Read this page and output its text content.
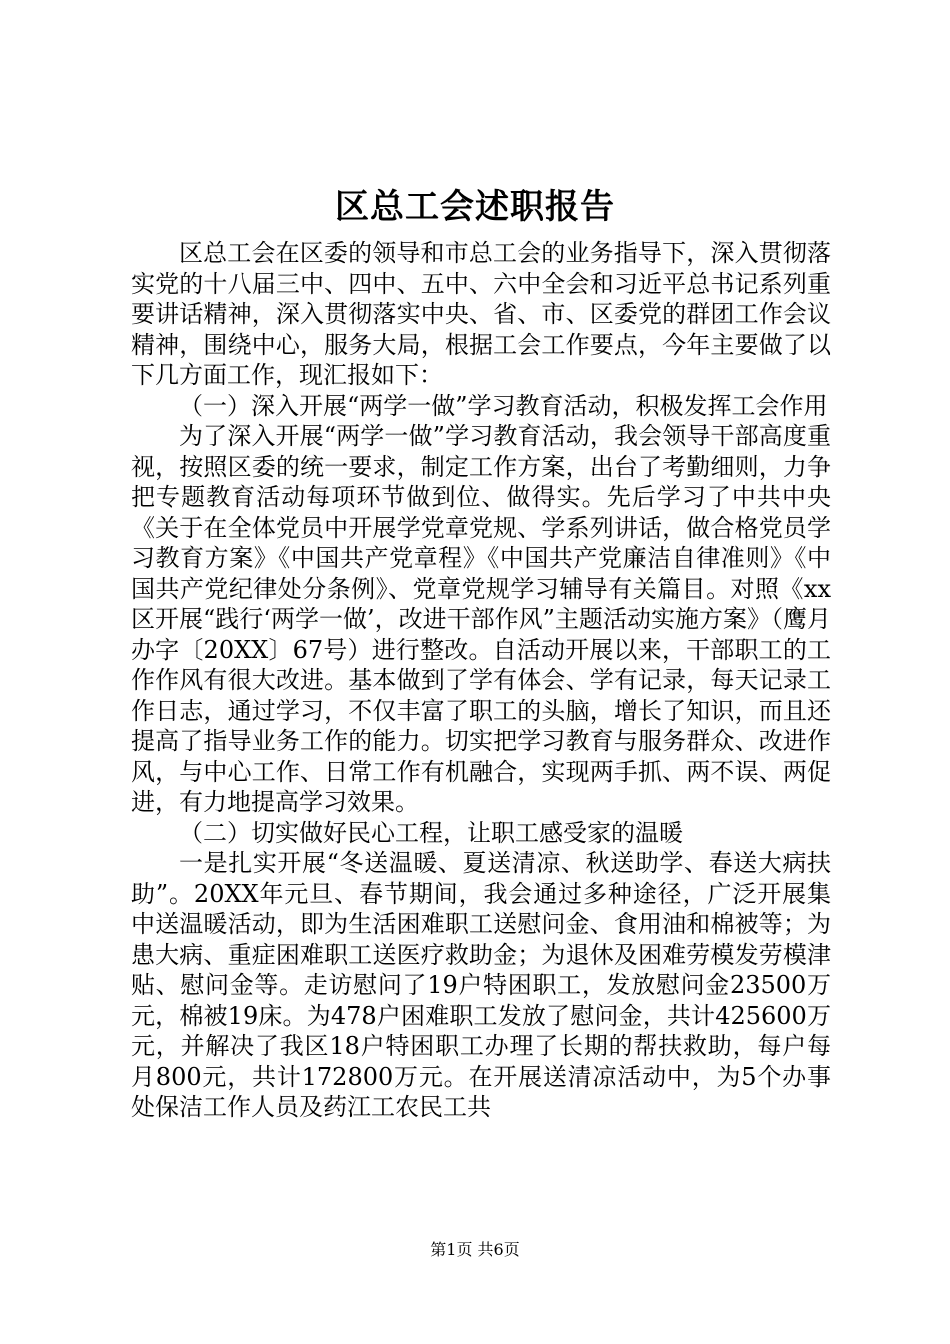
区总工会述职报告

区总工会在区委的领导和市总工会的业务指导下，深入贯彻落实党的十八届三中、四中、五中、六中全会和习近平总书记系列重要讲话精神，深入贯彻落实中央、省、市、区委党的群团工作会议精神，围绕中心，服务大局，根据工会工作要点，今年主要做了以下几方面工作，现汇报如下：

（一）深入开展“两学一做”学习教育活动，积极发挥工会作用

为了深入开展“两学一做”学习教育活动，我会领导干部高度重视，按照区委的统一要求，制定工作方案，出台了考勤细则，力争把专题教育活动每项环节做到位、做得实。先后学习了中共中央《关于在全体党员中开展学党章党规、学系列讲话，做合格党员学习教育方案》《中国共产党章程》《中国共产党廉洁自律准则》《中国共产党纪律处分条例》、党章党规学习辅导有关篇目。对照《xx区开展“践行‘两学一做’，改进干部作风”主题活动实施方案》（鹰月办字〔20XX〕67号）进行整改。自活动开展以来，干部职工的工作作风有很大改进。基本做到了学有体会、学有记录，每天记录工作日志，通过学习，不仅丰富了职工的头脑，增长了知识，而且还提高了指导业务工作的能力。切实把学习教育与服务群众、改进作风，与中心工作、日常工作有机融合，实现两手抓、两不误、两促进，有力地提高学习效果。

（二）切实做好民心工程，让职工感受家的温暖

一是扎实开展“冬送温暖、夏送清凉、秋送助学、春送大病扶助”。20XX年元旦、春节期间，我会通过多种途径，广泛开展集中送温暖活动，即为生活困难职工送慰问金、食用油和棉被等；为患大病、重症困难职工送医疗救助金；为退休及困难劳模发劳模津贴、慰问金等。走访慰问了19户特困职工，发放慰问金23500万元，棉被19床。为478户困难职工发放了慰问金，共计425600万元，并解决了我区18户特困职工办理了长期的帮扶救助，每户每月800元，共计172800万元。在开展送清凉活动中，为5个办事处保洁工作人员及药江工农民工共

第1页 共6页
